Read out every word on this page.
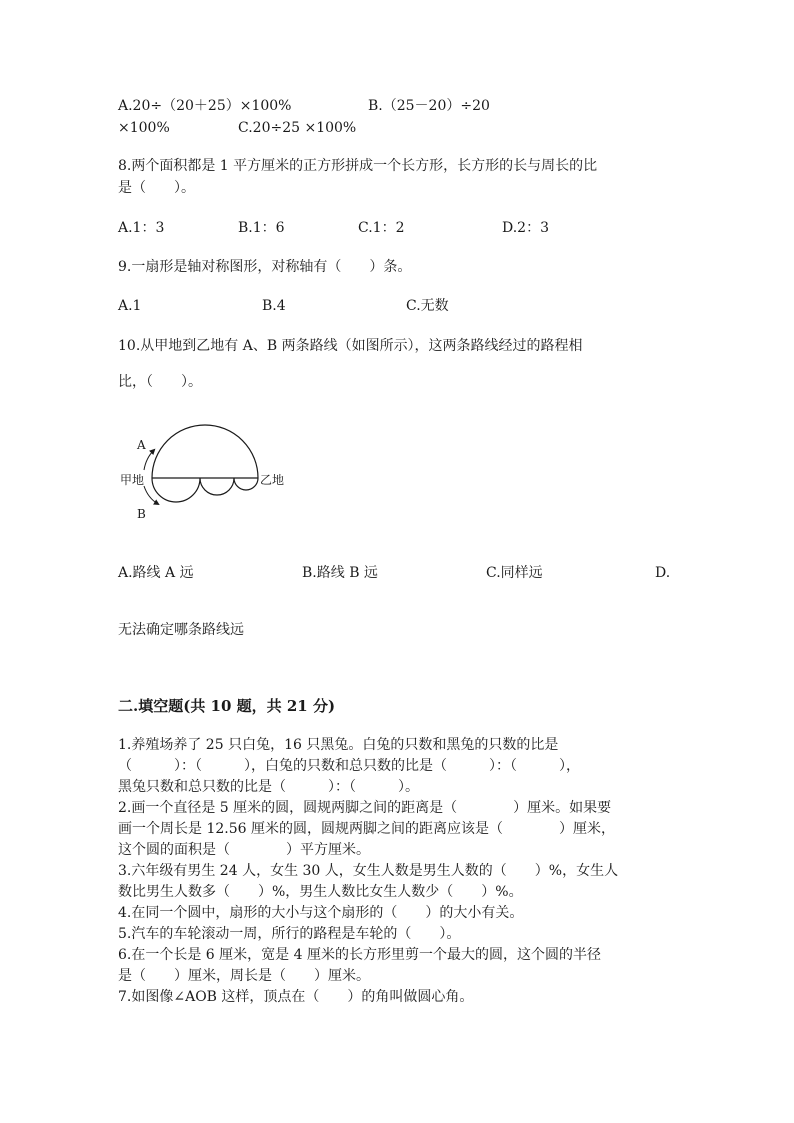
A.20÷（20＋25）×100%	B.（25－20）÷20
×100%	C.20÷25 ×100%
8.两个面积都是 1 平方厘米的正方形拼成一个长方形，长方形的长与周长的比
是（　　）。
A.1：3	B.1：6	C.1：2	D.2：3
9.一扇形是轴对称图形，对称轴有（　　）条。
A.1	B.4	C.无数
10.从甲地到乙地有 A、B 两条路线（如图所示），这两条路线经过的路程相
比，（　　）。
A
B
甲地	乙地
A.路线 A 远	B.路线 B 远	C.同样远	D.
无法确定哪条路线远
二.填空题(共 10 题，共 21 分)
1.养殖场养了 25 只白兔，16 只黑兔。白兔的只数和黑兔的只数的比是
（　　　）：（　　　），白兔的只数和总只数的比是（　　　）：（　　　），
黑兔只数和总只数的比是（　　　）：（　　　）。
2.画一个直径是 5 厘米的圆，圆规两脚之间的距离是（　　　　）厘米。如果要
画一个周长是 12.56 厘米的圆，圆规两脚之间的距离应该是（　　　　）厘米，
这个圆的面积是（　　　　）平方厘米。
3.六年级有男生 24 人，女生 30 人，女生人数是男生人数的（　　）%，女生人
数比男生人数多（　　）%，男生人数比女生人数少（　　）%。
4.在同一个圆中，扇形的大小与这个扇形的（　　）的大小有关。
5.汽车的车轮滚动一周，所行的路程是车轮的（　　）。
6.在一个长是 6 厘米，宽是 4 厘米的长方形里剪一个最大的圆，这个圆的半径
是（　　）厘米，周长是（　　）厘米。
7.如图像∠AOB 这样，顶点在（　　）的角叫做圆心角。
